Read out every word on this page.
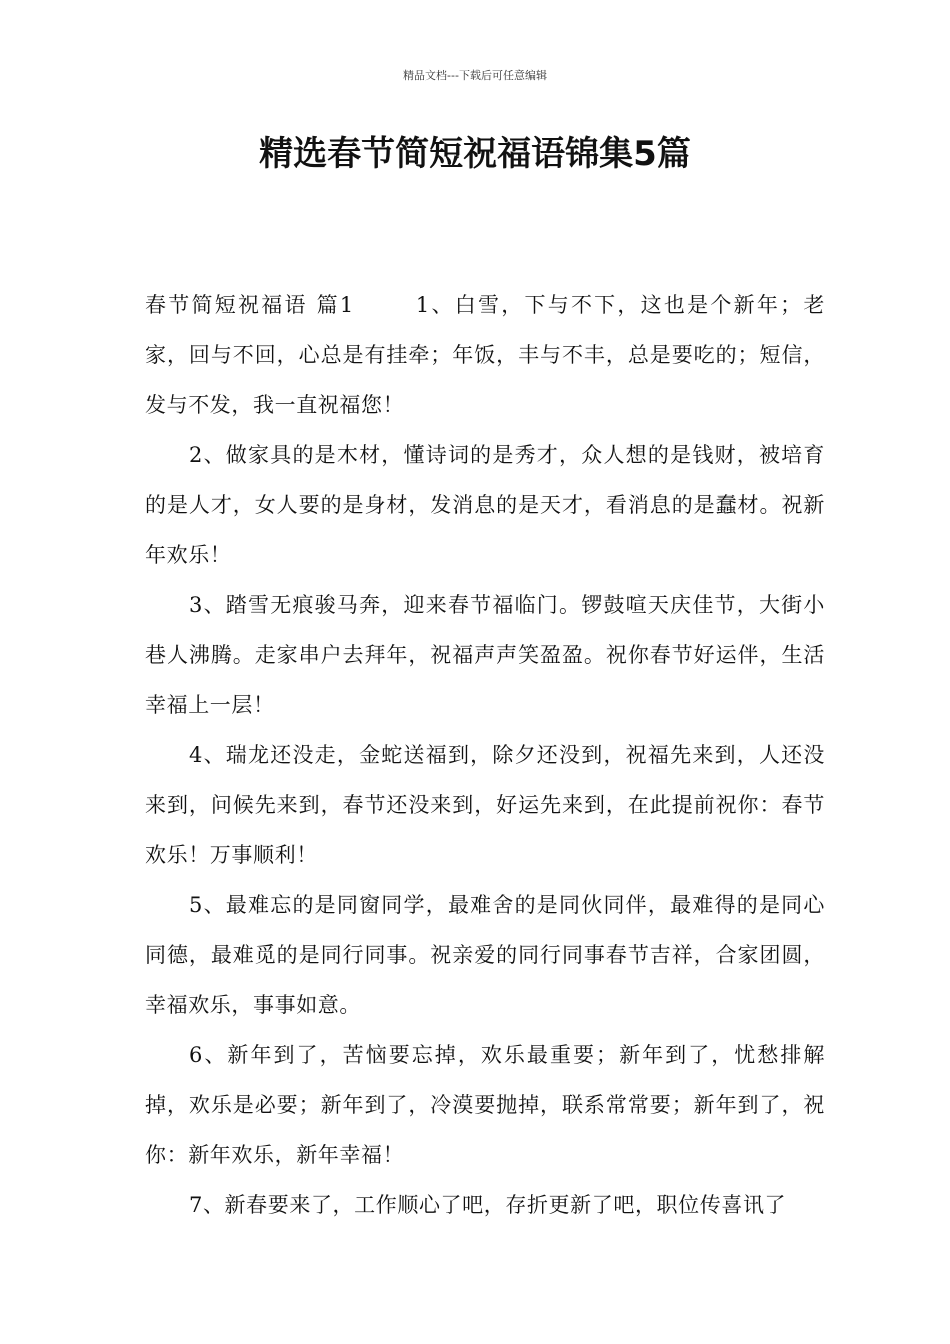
精品文档---下载后可任意编辑
精选春节简短祝福语锦集5篇

春节简短祝福语 篇1	1、白雪，下与不下，这也是个新年；老家，回与不回，心总是有挂牵；年饭，丰与不丰，总是要吃的；短信，发与不发，我一直祝福您！

2、做家具的是木材，懂诗词的是秀才，众人想的是钱财，被培育的是人才，女人要的是身材，发消息的是天才，看消息的是蠢材。祝新年欢乐！

3、踏雪无痕骏马奔，迎来春节福临门。锣鼓喧天庆佳节，大街小巷人沸腾。走家串户去拜年，祝福声声笑盈盈。祝你春节好运伴，生活幸福上一层！

4、瑞龙还没走，金蛇送福到，除夕还没到，祝福先来到，人还没来到，问候先来到，春节还没来到，好运先来到，在此提前祝你：春节欢乐！万事顺利！

5、最难忘的是同窗同学，最难舍的是同伙同伴，最难得的是同心同德，最难觅的是同行同事。祝亲爱的同行同事春节吉祥，合家团圆，幸福欢乐，事事如意。

6、新年到了，苦恼要忘掉，欢乐最重要；新年到了，忧愁排解掉，欢乐是必要；新年到了，冷漠要抛掉，联系常常要；新年到了，祝你：新年欢乐，新年幸福！

7、新春要来了，工作顺心了吧，存折更新了吧，职位传喜讯了
